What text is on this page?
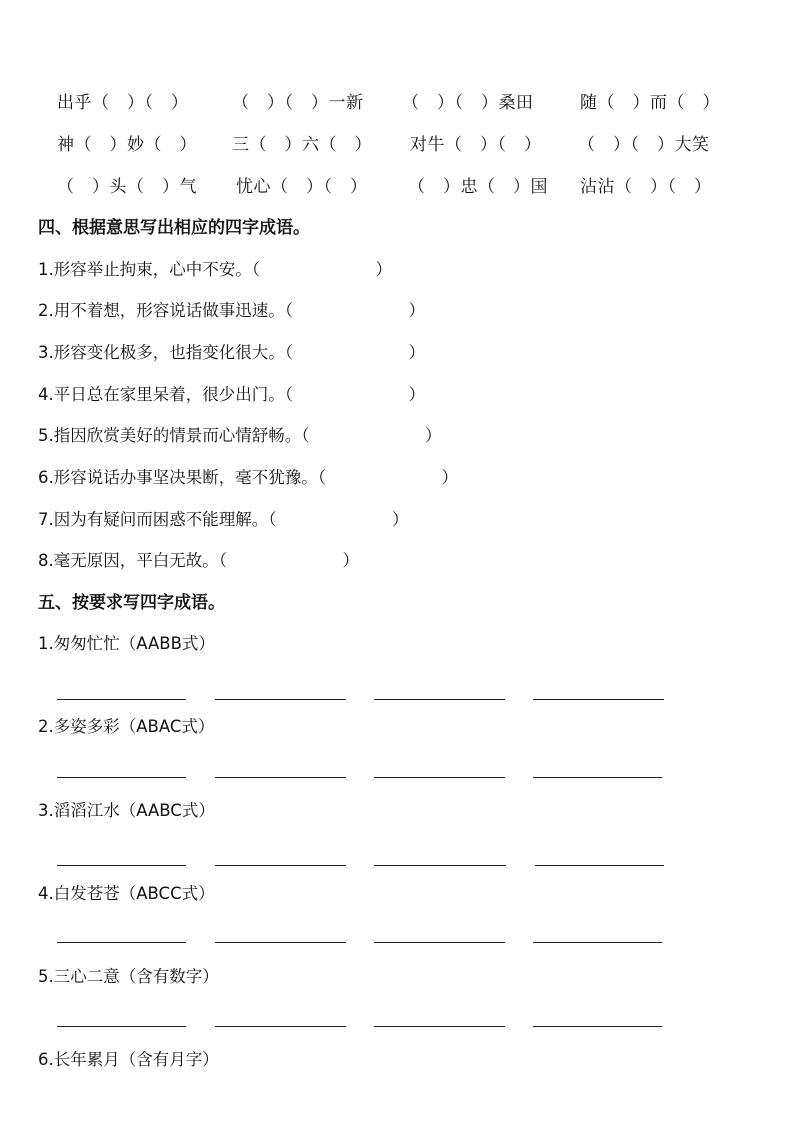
出乎（　）（　）	（　）（　）一新 （　）（　）桑田	随（　）而（　）
神（　）妙（　） 三（　）六（　） 对牛（　）（　） （　）（　）大笑
（　）头（　）气 忧心（　）（　） （　）忠（　）国 沾沾（　）（　）
四、根据意思写出相应的四字成语。
1.形容举止拘束，心中不安。（　　　　　　　）
2.用不着想，形容说话做事迅速。（　　　　　　　）
3.形容变化极多，也指变化很大。（　　　　　　　）
4.平日总在家里呆着，很少出门。（　　　　　　　）
5.指因欣赏美好的情景而心情舒畅。（　　　　　　　）
6.形容说话办事坚决果断，毫不犹豫。（　　　　　　　）
7.因为有疑问而困惑不能理解。（　　　　　　　）
8.毫无原因，平白无故。（　　　　　　　）
五、按要求写四字成语。
1.匆匆忙忙（AABB式）
2.多姿多彩（ABAC式）
3.滔滔江水（AABC式）
4.白发苍苍（ABCC式）
5.三心二意（含有数字）
6.长年累月（含有月字）
